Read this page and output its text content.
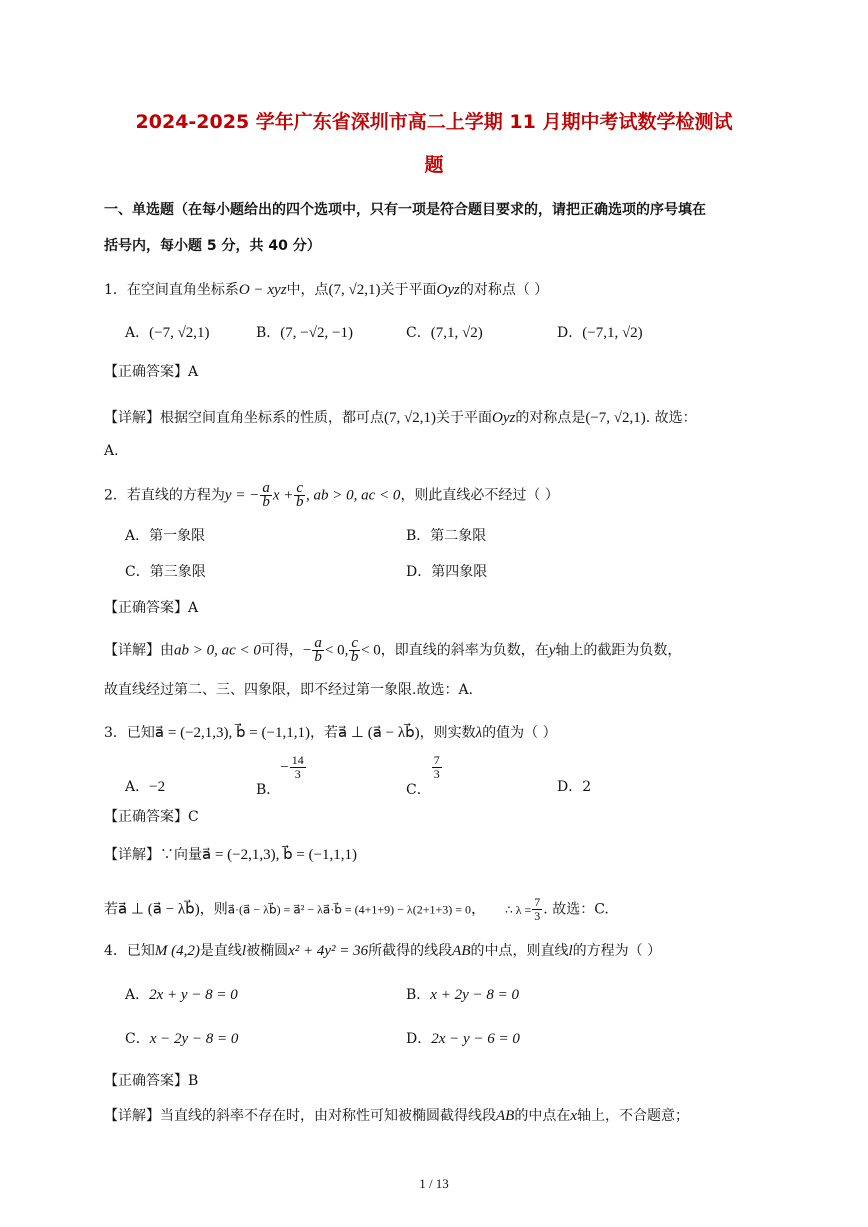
2024-2025 学年广东省深圳市高二上学期 11 月期中考试数学检测试
题
一、单选题（在每小题给出的四个选项中，只有一项是符合题目要求的，请把正确选项的序号填在
括号内，每小题 5 分，共 40 分）
1．在空间直角坐标系O − xyz中，点(7, √2,1)关于平面Oyz的对称点（ ）
A．(−7, √2,1)	B．(7, −√2, −1)	C．(7,1, √2)	D．(−7,1, √2)
【正确答案】A
【详解】根据空间直角坐标系的性质，都可点(7, √2,1)关于平面Oyz的对称点是(−7, √2,1). 故选：
A.
2．若直线的方程为y = − $\frac{a}{b}$ $x + \frac{c}{b}$ , ab > 0, ac < 0，则此直线必不经过（ ）
A．第一象限	B．第二象限
C．第三象限	D．第四象限
【正确答案】A
【详解】由ab > 0, ac < 0可得，− $\frac{a}{b} < 0$, $\frac{c}{b} < 0$，即直线的斜率为负数，在y轴上的截距为负数，
故直线经过第二、三、四象限，即不经过第一象限.故选：A.
3．已知a⃗ = (−2,1,3), b⃗ = (−1,1,1)，若a⃗ ⊥ (a⃗ − λb⃗)，则实数λ的值为（ ）
A．−2	B．− $\frac{14}{3}$
C．
$\frac{7}{3}$
D．2
【正确答案】C
【详解】∵向量a⃗ = (−2,1,3), b⃗ = (−1,1,1)
若a⃗ ⊥ (a⃗ − λb⃗)，则a⃗·(a⃗ − λb⃗) = a⃗² − λa⃗·b⃗ = (4+1+9) − λ(2+1+3) = 0， ∴ $\lambda = \frac{7}{3}$ . 故选：C.
4．已知M (4,2)是直线l被椭圆x² + 4y² = 36所截得的线段AB的中点，则直线l的方程为（ ）
A．2x + y − 8 = 0	B．x + 2y − 8 = 0
C．x − 2y − 8 = 0	D．2x − y − 6 = 0
【正确答案】B
【详解】当直线的斜率不存在时，由对称性可知被椭圆截得线段AB的中点在x轴上，不合题意；
1 / 13
